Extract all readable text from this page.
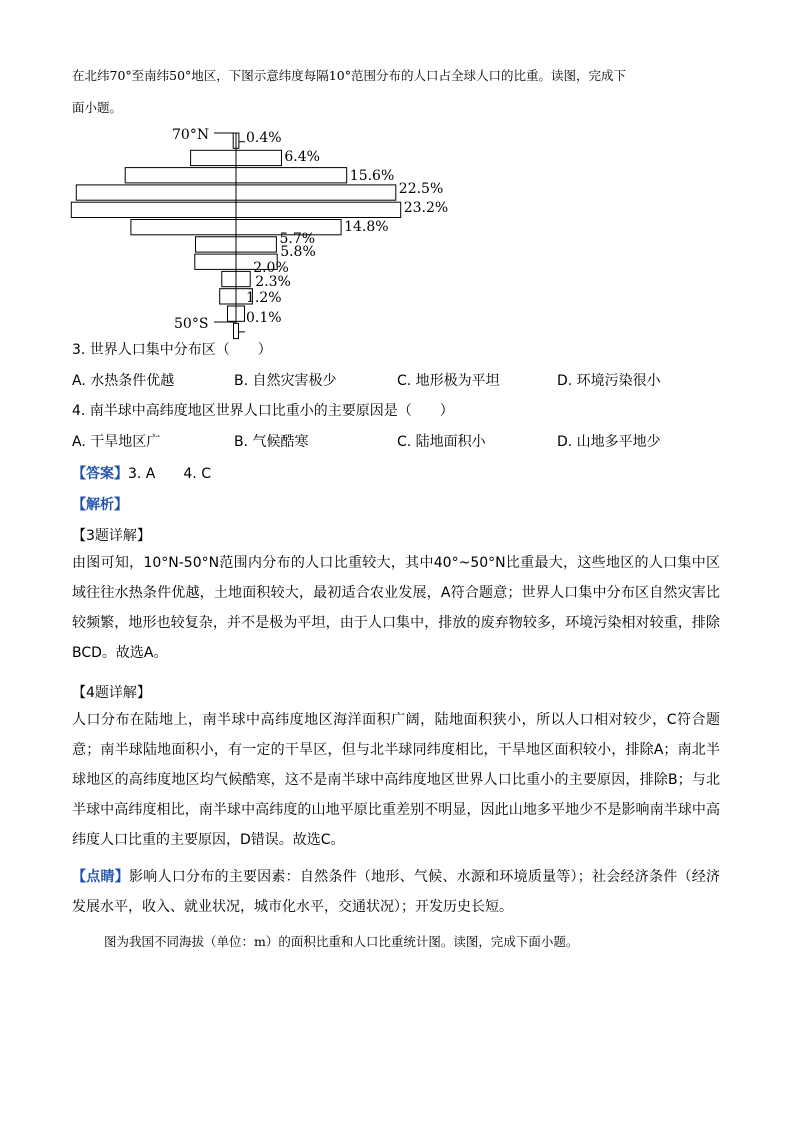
在北纬70°至南纬50°地区，下图示意纬度每隔10°范围分布的人口占全球人口的比重。读图，完成下
面小题。
70°N
50°S
0.4%
6.4%
15.6%
22.5%
23.2%
14.8%
5.7%
5.8%
2.0%
2.3%
1.2%
0.1%
3. 世界人口集中分布区（　　）
A. 水热条件优越	B. 自然灾害极少	C. 地形极为平坦	D. 环境污染很小
4. 南半球中高纬度地区世界人口比重小的主要原因是（　　）
A. 干旱地区广	B. 气候酷寒	C. 陆地面积小	D. 山地多平地少
【答案】3. A　　4. C
【解析】
【3题详解】
由图可知，10°N-50°N范围内分布的人口比重较大，其中40°~50°N比重最大，这些地区的人口集中区域往往水热条件优越，土地面积较大，最初适合农业发展，A符合题意；世界人口集中分布区自然灾害比较频繁，地形也较复杂，并不是极为平坦，由于人口集中，排放的废弃物较多，环境污染相对较重，排除BCD。故选A。
【4题详解】
人口分布在陆地上，南半球中高纬度地区海洋面积广阔，陆地面积狭小，所以人口相对较少，C符合题意；南半球陆地面积小，有一定的干旱区，但与北半球同纬度相比，干旱地区面积较小，排除A；南北半球地区的高纬度地区均气候酷寒，这不是南半球中高纬度地区世界人口比重小的主要原因，排除B；与北半球中高纬度相比，南半球中高纬度的山地平原比重差别不明显，因此山地多平地少不是影响南半球中高纬度人口比重的主要原因，D错误。故选C。
【点睛】影响人口分布的主要因素：自然条件（地形、气候、水源和环境质量等）；社会经济条件（经济发展水平，收入、就业状况，城市化水平，交通状况）；开发历史长短。
图为我国不同海拔（单位：m）的面积比重和人口比重统计图。读图，完成下面小题。
